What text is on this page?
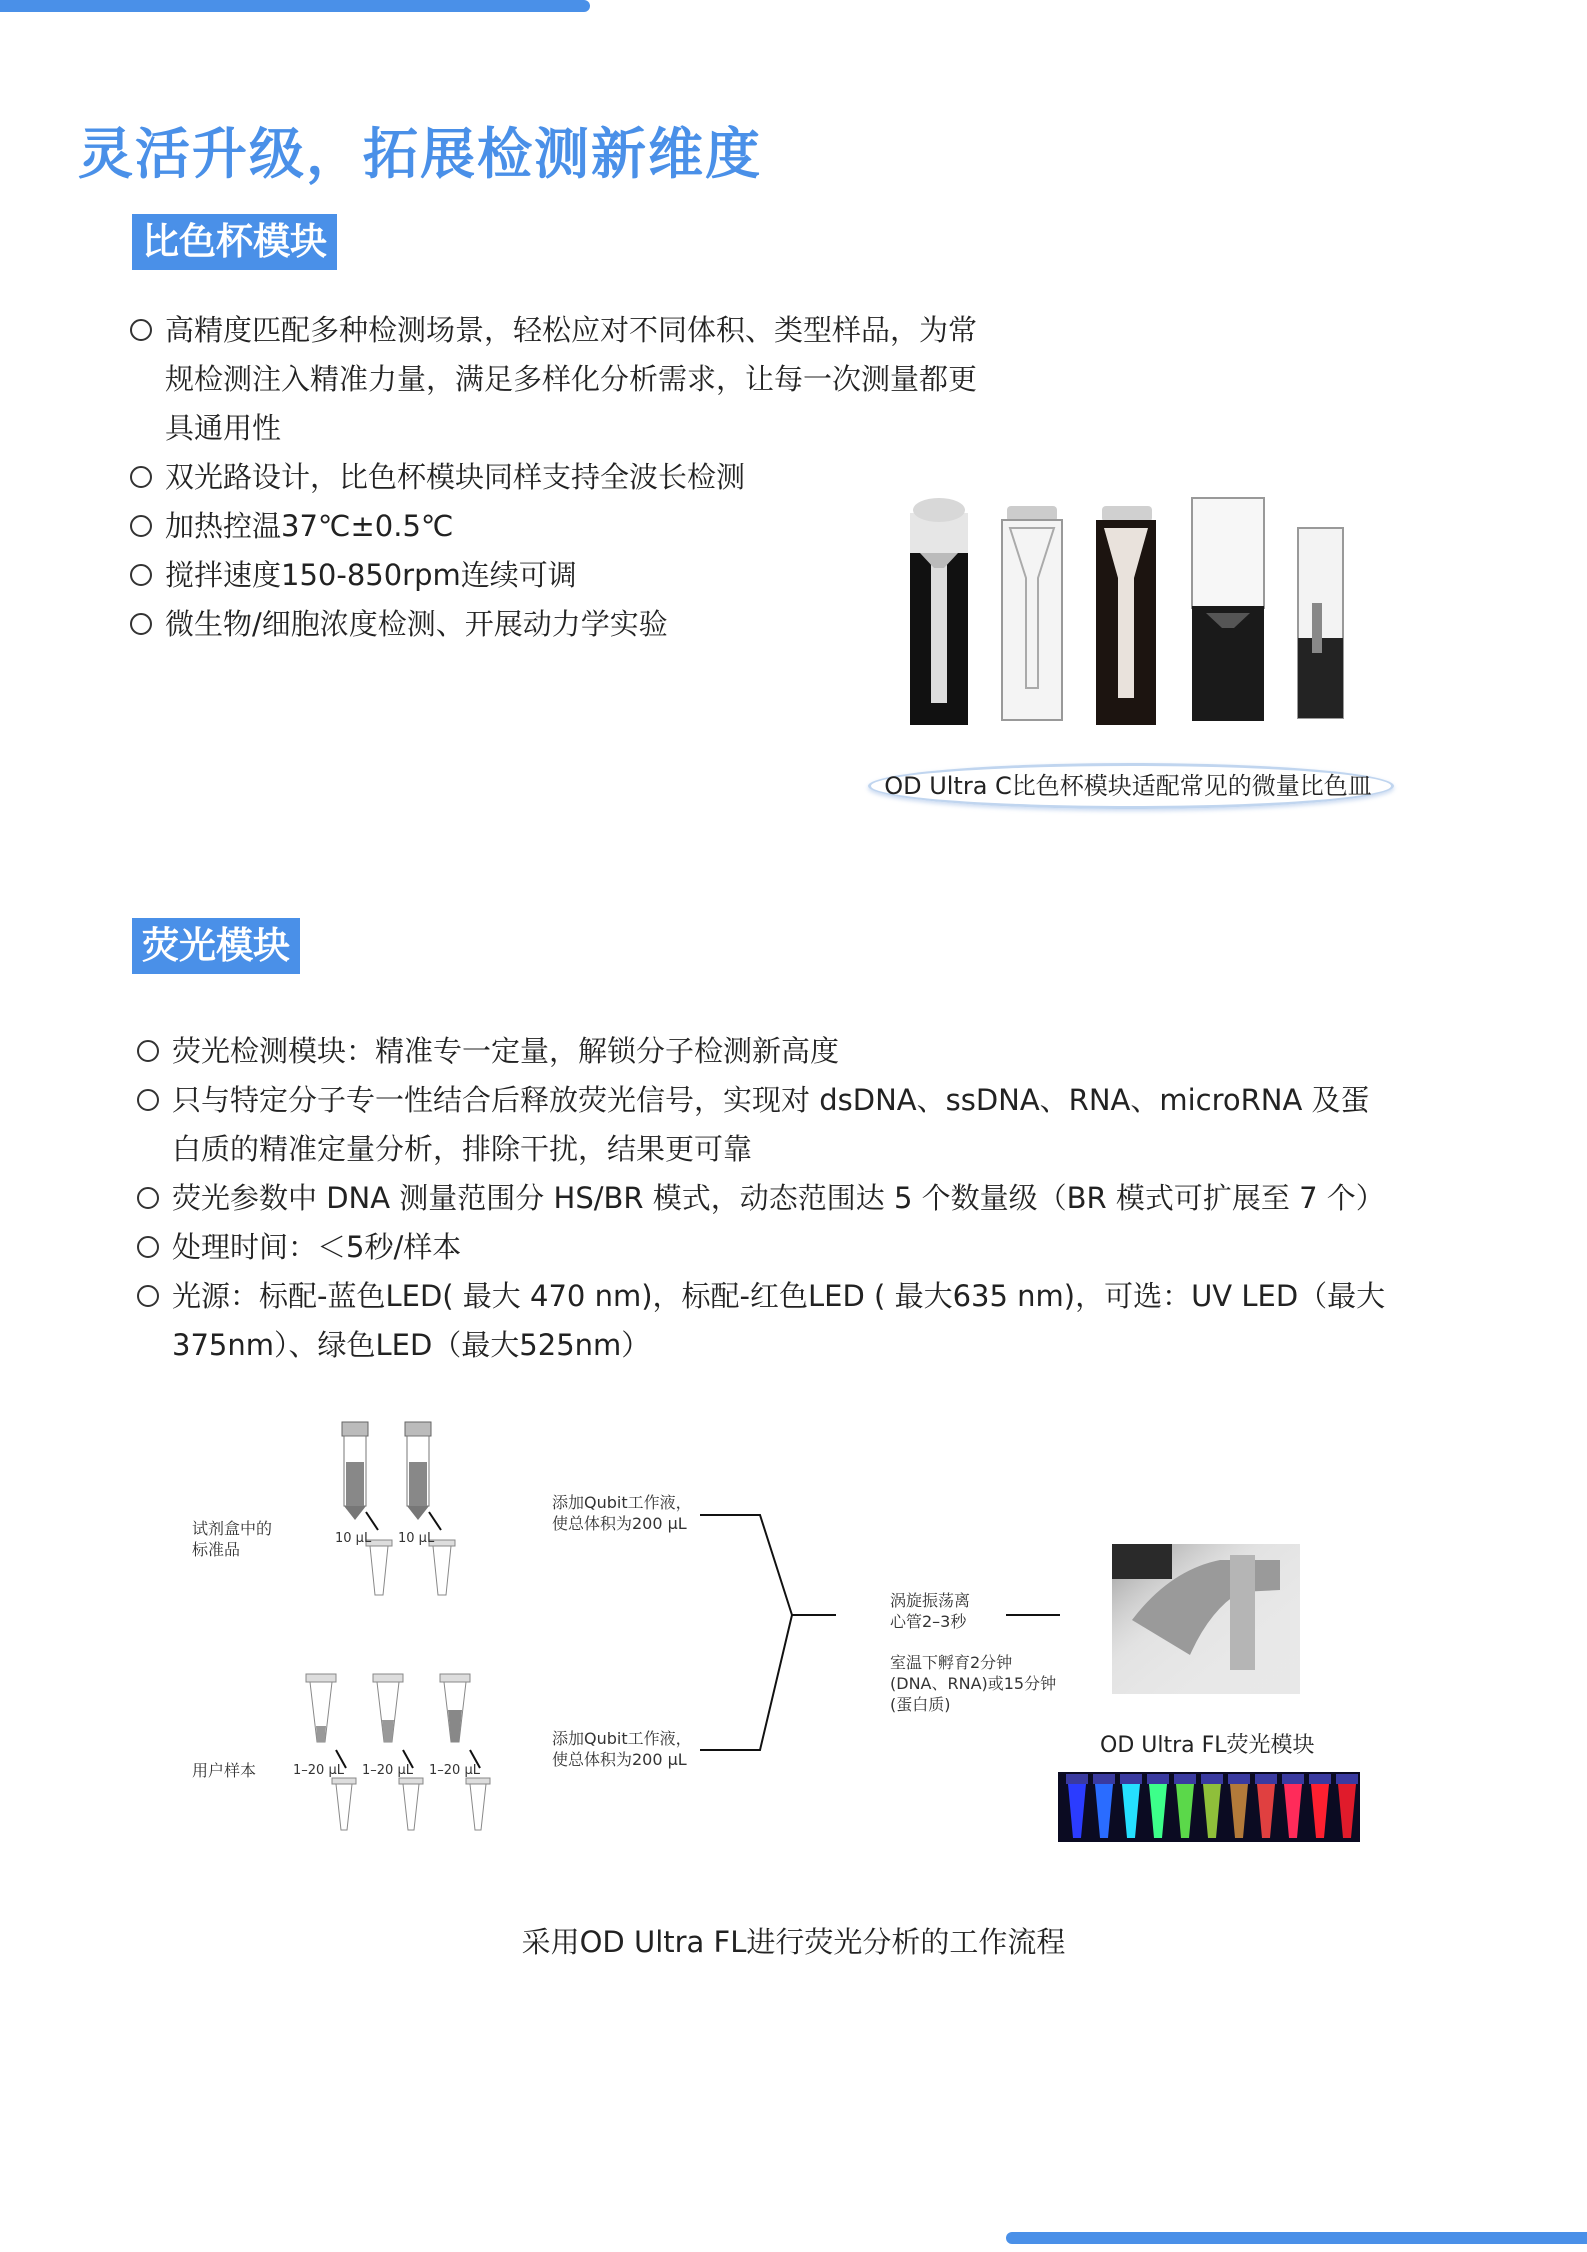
灵活升级，拓展检测新维度
比色杯模块
高精度匹配多种检测场景，轻松应对不同体积、类型样品，为常
规检测注入精准力量，满足多样化分析需求，让每一次测量都更
具通用性
双光路设计，比色杯模块同样支持全波长检测
加热控温37℃±0.5℃
搅拌速度150-850rpm连续可调
微生物/细胞浓度检测、开展动力学实验
OD Ultra C比色杯模块适配常见的微量比色皿
荧光模块
荧光检测模块：精准专一定量，解锁分子检测新高度
只与特定分子专一性结合后释放荧光信号，实现对 dsDNA、ssDNA、RNA、microRNA 及蛋
白质的精准定量分析，排除干扰，结果更可靠
荧光参数中 DNA 测量范围分 HS/BR 模式，动态范围达 5 个数量级（BR 模式可扩展至 7 个）
处理时间：＜5秒/样本
光源：标配-蓝色LED( 最大 470 nm)，标配-红色LED ( 最大635 nm)，可选：UV LED（最大
375nm）、绿色LED（最大525nm）
试剂盒中的
标准品
10 µL 10 µL
用户样本	1–20 µL 1–20 µL 1–20 µL
添加Qubit工作液，
使总体积为200 µL
添加Qubit工作液，
使总体积为200 µL
涡旋振荡离
心管2–3秒
室温下孵育2分钟
(DNA、RNA)或15分钟
(蛋白质)
OD Ultra FL荧光模块
采用OD Ultra FL进行荧光分析的工作流程
